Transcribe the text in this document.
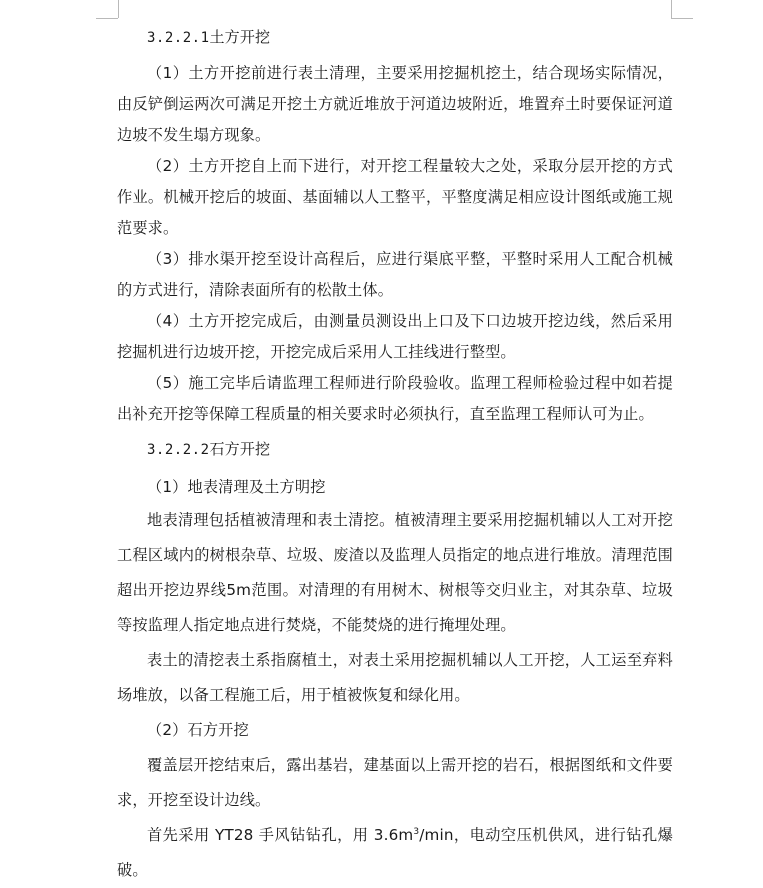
3.2.2.1土方开挖

（1）土方开挖前进行表土清理，主要采用挖掘机挖土，结合现场实际情况，由反铲倒运两次可满足开挖土方就近堆放于河道边坡附近，堆置弃土时要保证河道边坡不发生塌方现象。

（2）土方开挖自上而下进行，对开挖工程量较大之处，采取分层开挖的方式作业。机械开挖后的坡面、基面辅以人工整平，平整度满足相应设计图纸或施工规范要求。

（3）排水渠开挖至设计高程后，应进行渠底平整，平整时采用人工配合机械的方式进行，清除表面所有的松散土体。

（4）土方开挖完成后，由测量员测设出上口及下口边坡开挖边线，然后采用挖掘机进行边坡开挖，开挖完成后采用人工挂线进行整型。

（5）施工完毕后请监理工程师进行阶段验收。监理工程师检验过程中如若提出补充开挖等保障工程质量的相关要求时必须执行，直至监理工程师认可为止。

3.2.2.2石方开挖

（1）地表清理及土方明挖

地表清理包括植被清理和表土清挖。植被清理主要采用挖掘机辅以人工对开挖工程区域内的树根杂草、垃圾、废渣以及监理人员指定的地点进行堆放。清理范围超出开挖边界线5m范围。对清理的有用树木、树根等交归业主，对其杂草、垃圾等按监理人指定地点进行焚烧，不能焚烧的进行掩埋处理。

表土的清挖表土系指腐植土，对表土采用挖掘机辅以人工开挖，人工运至弃料场堆放，以备工程施工后，用于植被恢复和绿化用。

（2）石方开挖

覆盖层开挖结束后，露出基岩，建基面以上需开挖的岩石，根据图纸和文件要求，开挖至设计边线。

首先采用 YT28 手风钻钻孔，用 $3.6m^3/\min$，电动空压机供风，进行钻孔爆破。
